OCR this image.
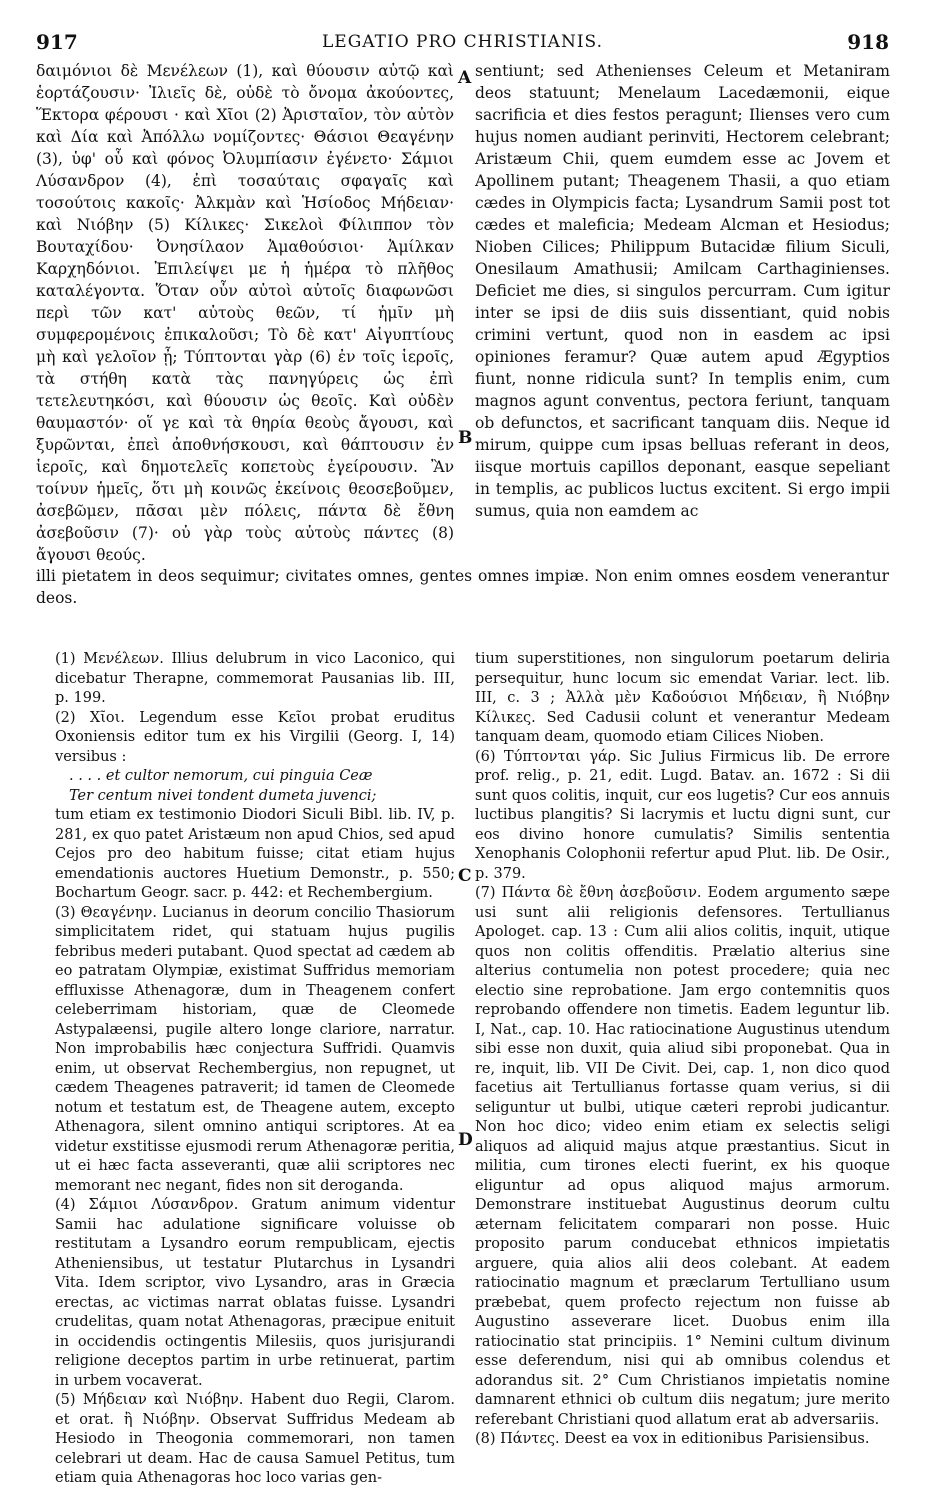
917	LEGATIO PRO CHRISTIANIS.	918
δαιμόνιοι δὲ Μενέλεων (1), καὶ θύουσιν αὐτῷ καὶ ἑορτάζουσιν· Ἰλιεῖς δὲ, οὐδὲ τὸ ὄνομα ἀκούοντες, Ἕκτορα φέρουσι · καὶ Χῖοι (2) Ἀρισταῖον, τὸν αὐτὸν καὶ Δία καὶ Ἀπόλλω νομίζοντες· Θάσιοι Θεαγένην (3), ὑφ' οὗ καὶ φόνος Ὀλυμπίασιν ἐγένετο· Σάμιοι Λύσανδρον (4), ἐπὶ τοσαύταις σφαγαῖς καὶ τοσούτοις κακοῖς· Ἀλκμὰν καὶ Ἡσίοδος Μήδειαν· καὶ Νιόβην (5) Κίλικες· Σικελοὶ Φίλιππον τὸν Βουταχίδου· Ὀνησίλαον Ἀμαθούσιοι· Ἀμίλκαν Καρχηδόνιοι. Ἐπιλείψει με ἡ ἡμέρα τὸ πλῆθος καταλέγοντα. Ὅταν οὖν αὐτοὶ αὐτοῖς διαφωνῶσι περὶ τῶν κατ' αὐτοὺς θεῶν, τί ἡμῖν μὴ συμφερομένοις ἐπικαλοῦσι; Τὸ δὲ κατ' Αἰγυπτίους μὴ καὶ γελοῖον ᾖ; Τύπτονται γὰρ (6) ἐν τοῖς ἱεροῖς, τὰ στήθη κατὰ τὰς πανηγύρεις ὡς ἐπὶ τετελευτηκόσι, καὶ θύουσιν ὡς θεοῖς. Καὶ οὐδὲν θαυμαστόν· οἵ γε καὶ τὰ θηρία θεοὺς ἄγουσι, καὶ ξυρῶνται, ἐπεὶ ἀποθνήσκουσι, καὶ θάπτουσιν ἐν ἱεροῖς, καὶ δημοτελεῖς κοπετοὺς ἐγείρουσιν. Ἂν τοίνυν ἡμεῖς, ὅτι μὴ κοινῶς ἐκείνοις θεοσεβοῦμεν, ἀσεβῶμεν, πᾶσαι μὲν πόλεις, πάντα δὲ ἔθνη ἀσεβοῦσιν (7)· οὐ γὰρ τοὺς αὐτοὺς πάντες (8) ἄγουσι θεούς.
sentiunt; sed Athenienses Celeum et Metaniram deos statuunt; Menelaum Lacedæmonii, eique sacrificia et dies festos peragunt; Ilienses vero cum hujus nomen audiant perinviti, Hectorem celebrant; Aristæum Chii, quem eumdem esse ac Jovem et Apollinem putant; Theagenem Thasii, a quo etiam cædes in Olympicis facta; Lysandrum Samii post tot cædes et maleficia; Medeam Alcman et Hesiodus; Nioben Cilices; Philippum Butacidæ filium Siculi, Onesilaum Amathusii; Amilcam Carthaginienses. Deficiet me dies, si singulos percurram. Cum igitur inter se ipsi de diis suis dissentiant, quid nobis crimini vertunt, quod non in easdem ac ipsi opiniones feramur? Quæ autem apud Ægyptios fiunt, nonne ridicula sunt? In templis enim, cum magnos agunt conventus, pectora feriunt, tanquam ob defunctos, et sacrificant tanquam diis. Neque id mirum, quippe cum ipsas belluas referant in deos, iisque mortuis capillos deponant, easque sepeliant in templis, ac publicos luctus excitent. Si ergo impii sumus, quia non eamdem ac
illi pietatem in deos sequimur; civitates omnes, gentes omnes impiæ. Non enim omnes eosdem venerantur deos.
A
B
C
D

(1) Μενέλεων. Illius delubrum in vico Laconico, qui dicebatur Therapne, commemorat Pausanias lib. III, p. 199.

(2) Χῖοι. Legendum esse Κεῖοι probat eruditus Oxoniensis editor tum ex his Virgilii (Georg. I, 14) versibus :

. . . . et cultor nemorum, cui pinguia Ceæ

Ter centum nivei tondent dumeta juvenci;

tum etiam ex testimonio Diodori Siculi Bibl. lib. IV, p. 281, ex quo patet Aristæum non apud Chios, sed apud Cejos pro deo habitum fuisse; citat etiam hujus emendationis auctores Huetium Demonstr., p. 550; Bochartum Geogr. sacr. p. 442: et Rechembergium.

(3) Θεαγένην. Lucianus in deorum concilio Thasiorum simplicitatem ridet, qui statuam hujus pugilis febribus mederi putabant. Quod spectat ad cædem ab eo patratam Olympiæ, existimat Suffridus memoriam effluxisse Athenagoræ, dum in Theagenem confert celeberrimam historiam, quæ de Cleomede Astypalæensi, pugile altero longe clariore, narratur. Non improbabilis hæc conjectura Suffridi. Quamvis enim, ut observat Rechembergius, non repugnet, ut cædem Theagenes patraverit; id tamen de Cleomede notum et testatum est, de Theagene autem, excepto Athenagora, silent omnino antiqui scriptores. At ea videtur exstitisse ejusmodi rerum Athenagoræ peritia, ut ei hæc facta asseveranti, quæ alii scriptores nec memorant nec negant, fides non sit deroganda.

(4) Σάμιοι Λύσανδρον. Gratum animum videntur Samii hac adulatione significare voluisse ob restitutam a Lysandro eorum rempublicam, ejectis Atheniensibus, ut testatur Plutarchus in Lysandri Vita. Idem scriptor, vivo Lysandro, aras in Græcia erectas, ac victimas narrat oblatas fuisse. Lysandri crudelitas, quam notat Athenagoras, præcipue enituit in occidendis octingentis Milesiis, quos jurisjurandi religione deceptos partim in urbe retinuerat, partim in urbem vocaverat.

(5) Μήδειαν καὶ Νιόβην. Habent duo Regii, Clarom. et orat. ἢ Νιόβην. Observat Suffridus Medeam ab Hesiodo in Theogonia commemorari, non tamen celebrari ut deam. Hac de causa Samuel Petitus, tum etiam quia Athenagoras hoc loco varias gen-

tium superstitiones, non singulorum poetarum deliria persequitur, hunc locum sic emendat Variar. lect. lib. III, c. 3 ; Ἀλλὰ μὲν Καδούσιοι Μήδειαν, ἢ Νιόβην Κίλικες. Sed Cadusii colunt et venerantur Medeam tanquam deam, quomodo etiam Cilices Nioben.

(6) Τύπτονται γάρ. Sic Julius Firmicus lib. De errore prof. relig., p. 21, edit. Lugd. Batav. an. 1672 : Si dii sunt quos colitis, inquit, cur eos lugetis? Cur eos annuis luctibus plangitis? Si lacrymis et luctu digni sunt, cur eos divino honore cumulatis? Similis sententia Xenophanis Colophonii refertur apud Plut. lib. De Osir., p. 379.

(7) Πάντα δὲ ἔθνη ἀσεβοῦσιν. Eodem argumento sæpe usi sunt alii religionis defensores. Tertullianus Apologet. cap. 13 : Cum alii alios colitis, inquit, utique quos non colitis offenditis. Prælatio alterius sine alterius contumelia non potest procedere; quia nec electio sine reprobatione. Jam ergo contemnitis quos reprobando offendere non timetis. Eadem leguntur lib. I, Nat., cap. 10. Hac ratiocinatione Augustinus utendum sibi esse non duxit, quia aliud sibi proponebat. Qua in re, inquit, lib. VII De Civit. Dei, cap. 1, non dico quod facetius ait Tertullianus fortasse quam verius, si dii seliguntur ut bulbi, utique cæteri reprobi judicantur. Non hoc dico; video enim etiam ex selectis seligi aliquos ad aliquid majus atque præstantius. Sicut in militia, cum tirones electi fuerint, ex his quoque eliguntur ad opus aliquod majus armorum. Demonstrare instituebat Augustinus deorum cultu æternam felicitatem comparari non posse. Huic proposito parum conducebat ethnicos impietatis arguere, quia alios alii deos colebant. At eadem ratiocinatio magnum et præclarum Tertulliano usum præbebat, quem profecto rejectum non fuisse ab Augustino asseverare licet. Duobus enim illa ratiocinatio stat principiis. 1° Nemini cultum divinum esse deferendum, nisi qui ab omnibus colendus et adorandus sit. 2° Cum Christianos impietatis nomine damnarent ethnici ob cultum diis negatum; jure merito referebant Christiani quod allatum erat ab adversariis.

(8) Πάντες. Deest ea vox in editionibus Parisiensibus.
